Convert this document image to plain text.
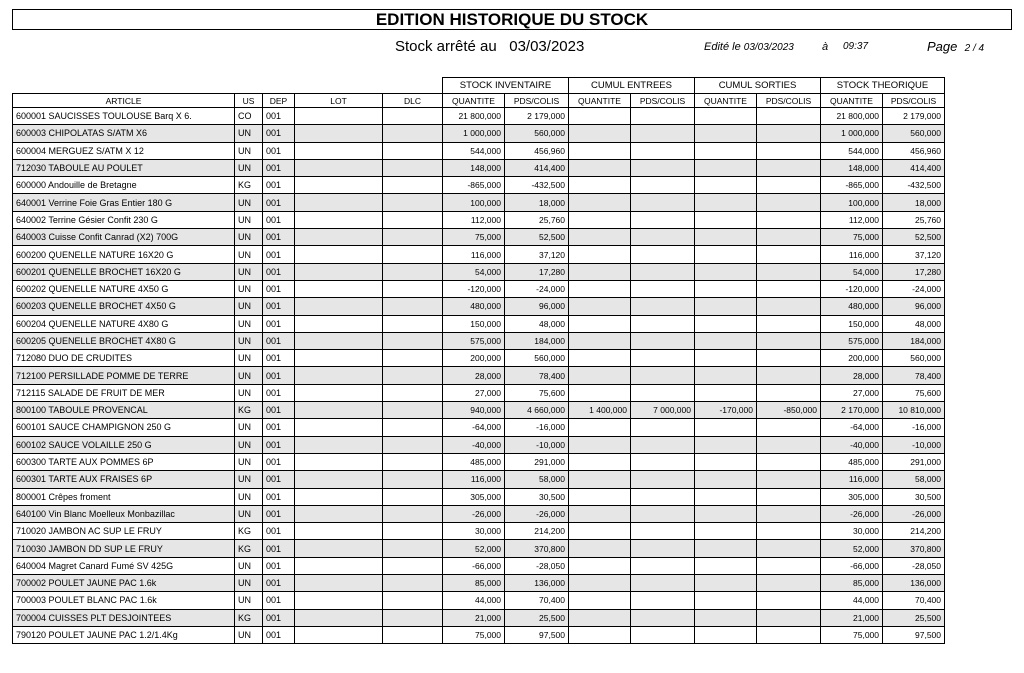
EDITION HISTORIQUE DU STOCK
Stock arrêté au 03/03/2023	Edité le 03/03/2023	à 09:37	Page 2 / 4
					STOCK INVENTAIRE		CUMUL ENTREES		CUMUL SORTIES		STOCK THEORIQUE	
ARTICLE	US	DEP	LOT	DLC	QUANTITE	PDS/COLIS	QUANTITE	PDS/COLIS	QUANTITE	PDS/COLIS	QUANTITE	PDS/COLIS
600001 SAUCISSES TOULOUSE Barq X 6.	CO	001			21 800,000	2 179,000					21 800,000	2 179,000
600003 CHIPOLATAS S/ATM X6	UN	001			1 000,000	560,000					1 000,000	560,000
600004 MERGUEZ S/ATM X 12	UN	001			544,000	456,960					544,000	456,960
712030 TABOULE AU POULET	UN	001			148,000	414,400					148,000	414,400
600000 Andouille de Bretagne	KG	001			-865,000	-432,500					-865,000	-432,500
640001 Verrine Foie Gras Entier 180 G	UN	001			100,000	18,000					100,000	18,000
640002 Terrine Gésier Confit 230 G	UN	001			112,000	25,760					112,000	25,760
640003 Cuisse Confit Canrad (X2) 700G	UN	001			75,000	52,500					75,000	52,500
600200 QUENELLE NATURE 16X20 G	UN	001			116,000	37,120					116,000	37,120
600201 QUENELLE BROCHET 16X20 G	UN	001			54,000	17,280					54,000	17,280
600202 QUENELLE NATURE 4X50 G	UN	001			-120,000	-24,000					-120,000	-24,000
600203 QUENELLE BROCHET 4X50 G	UN	001			480,000	96,000					480,000	96,000
600204 QUENELLE NATURE 4X80 G	UN	001			150,000	48,000					150,000	48,000
600205 QUENELLE BROCHET 4X80 G	UN	001			575,000	184,000					575,000	184,000
712080 DUO DE CRUDITES	UN	001			200,000	560,000					200,000	560,000
712100 PERSILLADE POMME DE TERRE	UN	001			28,000	78,400					28,000	78,400
712115 SALADE DE FRUIT DE MER	UN	001			27,000	75,600					27,000	75,600
800100 TABOULE PROVENCAL	KG	001			940,000	4 660,000	1 400,000	7 000,000	-170,000	-850,000	2 170,000	10 810,000
600101 SAUCE CHAMPIGNON 250 G	UN	001			-64,000	-16,000					-64,000	-16,000
600102 SAUCE VOLAILLE 250 G	UN	001			-40,000	-10,000					-40,000	-10,000
600300 TARTE AUX POMMES 6P	UN	001			485,000	291,000					485,000	291,000
600301 TARTE AUX FRAISES 6P	UN	001			116,000	58,000					116,000	58,000
800001 Crêpes froment	UN	001			305,000	30,500					305,000	30,500
640100 Vin Blanc Moelleux Monbazillac	UN	001			-26,000	-26,000					-26,000	-26,000
710020 JAMBON AC SUP LE FRUY	KG	001			30,000	214,200					30,000	214,200
710030 JAMBON DD SUP LE FRUY	KG	001			52,000	370,800					52,000	370,800
640004 Magret Canard Fumé SV 425G	UN	001			-66,000	-28,050					-66,000	-28,050
700002 POULET JAUNE PAC 1.6k	UN	001			85,000	136,000					85,000	136,000
700003 POULET BLANC PAC 1.6k	UN	001			44,000	70,400					44,000	70,400
700004 CUISSES PLT DESJOINTEES	KG	001			21,000	25,500					21,000	25,500
790120 POULET JAUNE PAC 1.2/1.4Kg	UN	001			75,000	97,500					75,000	97,500
